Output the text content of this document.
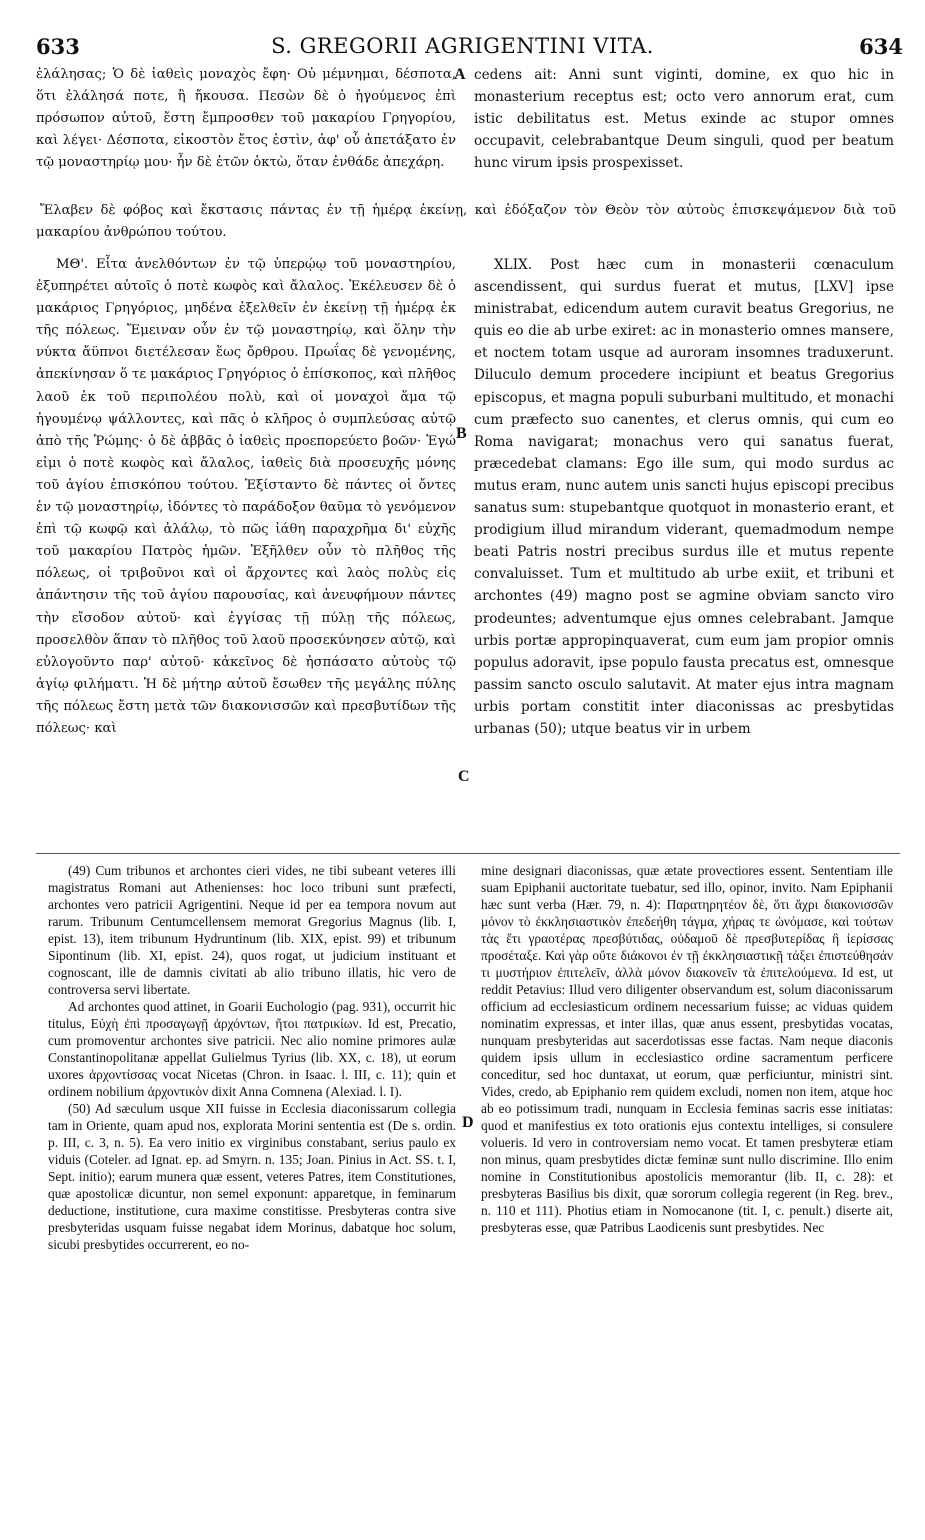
633	S. GREGORII AGRIGENTINI VITA.	634

ἐλάλησας; Ὁ δὲ ἰαθεὶς μοναχὸς ἔφη· Οὐ μέμνημαι, δέσποτα, ὅτι ἐλάλησά ποτε, ἢ ἤκουσα. Πεσὼν δὲ ὁ ἡγούμενος ἐπὶ πρόσωπον αὐτοῦ, ἔστη ἔμπροσθεν τοῦ μακαρίου Γρηγορίου, καὶ λέγει· Δέσποτα, εἰκοστὸν ἔτος ἐστὶν, ἀφ' οὗ ἀπετάξατο ἐν τῷ μοναστηρίῳ μου· ἦν δὲ ἐτῶν ὀκτὼ, ὅταν ἐνθάδε ἀπεχάρη.

cedens ait: Anni sunt viginti, domine, ex quo hic in monasterium receptus est; octo vero annorum erat, cum istic debilitatus est. Metus exinde ac stupor omnes occupavit, celebrabantque Deum singuli, quod per beatum hunc virum ipsis prospexisset.

Ἔλαβεν δὲ φόβος καὶ ἔκστασις πάντας ἐν τῇ ἡμέρᾳ ἐκείνῃ, καὶ ἐδόξαζον τὸν Θεὸν τὸν αὐτοὺς ἐπισκεψάμενον διὰ τοῦ μακαρίου ἀνθρώπου τούτου.

ΜΘ'. Εἶτα ἀνελθόντων ἐν τῷ ὑπερῴῳ τοῦ μοναστηρίου, ἐξυπηρέτει αὐτοῖς ὁ ποτὲ κωφὸς καὶ ἄλαλος. Ἐκέλευσεν δὲ ὁ μακάριος Γρηγόριος, μηδένα ἐξελθεῖν ἐν ἐκείνῃ τῇ ἡμέρᾳ ἐκ τῆς πόλεως. Ἔμειναν οὖν ἐν τῷ μοναστηρίῳ, καὶ ὅλην τὴν νύκτα ἄϋπνοι διετέλεσαν ἕως ὄρθρου. Πρωΐας δὲ γενομένης, ἀπεκίνησαν ὅ τε μακάριος Γρηγόριος ὁ ἐπίσκοπος, καὶ πλῆθος λαοῦ ἐκ τοῦ περιπολέου πολὺ, καὶ οἱ μοναχοὶ ἅμα τῷ ἡγουμένῳ ψάλλοντες, καὶ πᾶς ὁ κλῆρος ὁ συμπλεύσας αὐτῷ ἀπὸ τῆς Ῥώμης· ὁ δὲ ἀββᾶς ὁ ἰαθεὶς προεπορεύετο βοῶν· Ἐγώ εἰμι ὁ ποτὲ κωφὸς καὶ ἄλαλος, ἰαθεὶς διὰ προσευχῆς μόνης τοῦ ἁγίου ἐπισκόπου τούτου. Ἐξίσταντο δὲ πάντες οἱ ὄντες ἐν τῷ μοναστηρίῳ, ἰδόντες τὸ παράδοξον θαῦμα τὸ γενόμενον ἐπὶ τῷ κωφῷ καὶ ἀλάλῳ, τὸ πῶς ἰάθη παραχρῆμα δι' εὐχῆς τοῦ μακαρίου Πατρὸς ἡμῶν. Ἐξῆλθεν οὖν τὸ πλῆθος τῆς πόλεως, οἱ τριβοῦνοι καὶ οἱ ἄρχοντες καὶ λαὸς πολὺς εἰς ἀπάντησιν τῆς τοῦ ἁγίου παρουσίας, καὶ ἀνευφήμουν πάντες τὴν εἴσοδον αὐτοῦ· καὶ ἐγγίσας τῇ πύλῃ τῆς πόλεως, προσελθὸν ἅπαν τὸ πλῆθος τοῦ λαοῦ προσεκύνησεν αὐτῷ, καὶ εὐλογοῦντο παρ' αὐτοῦ· κἀκεῖνος δὲ ἠσπάσατο αὐτοὺς τῷ ἁγίῳ φιλήματι. Ἡ δὲ μήτηρ αὐτοῦ ἔσωθεν τῆς μεγάλης πύλης τῆς πόλεως ἔστη μετὰ τῶν διακονισσῶν καὶ πρεσβυτίδων τῆς πόλεως· καὶ

XLIX. Post hæc cum in monasterii cœnaculum ascendissent, qui surdus fuerat et mutus, [LXV] ipse ministrabat, edicendum autem curavit beatus Gregorius, ne quis eo die ab urbe exiret: ac in monasterio omnes mansere, et noctem totam usque ad auroram insomnes traduxerunt. Diluculo demum procedere incipiunt et beatus Gregorius episcopus, et magna populi suburbani multitudo, et monachi cum præfecto suo canentes, et clerus omnis, qui cum eo Roma navigarat; monachus vero qui sanatus fuerat, præcedebat clamans: Ego ille sum, qui modo surdus ac mutus eram, nunc autem unis sancti hujus episcopi precibus sanatus sum: stupebantque quotquot in monasterio erant, et prodigium illud mirandum viderant, quemadmodum nempe beati Patris nostri precibus surdus ille et mutus repente convaluisset. Tum et multitudo ab urbe exiit, et tribuni et archontes (49) magno post se agmine obviam sancto viro prodeuntes; adventumque ejus omnes celebrabant. Jamque urbis portæ appropinquaverat, cum eum jam propior omnis populus adoravit, ipse populo fausta precatus est, omnesque passim sancto osculo salutavit. At mater ejus intra magnam urbis portam constitit inter diaconissas ac presbytidas urbanas (50); utque beatus vir in urbem

A
B
C
D

(49) Cum tribunos et archontes cieri vides, ne tibi subeant veteres illi magistratus Romani aut Athenienses: hoc loco tribuni sunt præfecti, archontes vero patricii Agrigentini. Neque id per ea tempora novum aut rarum. Tribunum Centumcellensem memorat Gregorius Magnus (lib. I, epist. 13), item tribunum Hydruntinum (lib. XIX, epist. 99) et tribunum Sipontinum (lib. XI, epist. 24), quos rogat, ut judicium instituant et cognoscant, ille de damnis civitati ab alio tribuno illatis, hic vero de controversa servi libertate.

Ad archontes quod attinet, in Goarii Euchologio (pag. 931), occurrit hic titulus, Εὐχὴ ἐπὶ προσαγωγῇ ἀρχόντων, ἤτοι πατρικίων. Id est, Precatio, cum promoventur archontes sive patricii. Nec alio nomine primores aulæ Constantinopolitanæ appellat Gulielmus Tyrius (lib. XX, c. 18), ut eorum uxores ἀρχοντίσσας vocat Nicetas (Chron. in Isaac. l. III, c. 11); quin et ordinem nobilium ἀρχοντικὸν dixit Anna Comnena (Alexiad. l. I).

(50) Ad sæculum usque XII fuisse in Ecclesia diaconissarum collegia tam in Oriente, quam apud nos, explorata Morini sententia est (De s. ordin. p. III, c. 3, n. 5). Ea vero initio ex virginibus constabant, serius paulo ex viduis (Coteler. ad Ignat. ep. ad Smyrn. n. 135; Joan. Pinius in Act. SS. t. I, Sept. initio); earum munera quæ essent, veteres Patres, item Constitutiones, quæ apostolicæ dicuntur, non semel exponunt: apparetque, in feminarum deductione, institutione, cura maxime constitisse. Presbyteras contra sive presbyteridas usquam fuisse negabat idem Morinus, dabatque hoc solum, sicubi presbytides occurrerent, eo no-

mine designari diaconissas, quæ ætate provectiores essent. Sententiam ille suam Epiphanii auctoritate tuebatur, sed illo, opinor, invito. Nam Epiphanii hæc sunt verba (Hær. 79, n. 4): Παρατηρητέον δὲ, ὅτι ἄχρι διακονισσῶν μόνον τὸ ἐκκλησιαστικὸν ἐπεδεήθη τάγμα, χήρας τε ὠνόμασε, καὶ τούτων τὰς ἔτι γραοτέρας πρεσβύτιδας, οὐδαμοῦ δὲ πρεσβυτερίδας ἢ ἱερίσσας προσέταξε. Καὶ γὰρ οὔτε διάκονοι ἐν τῇ ἐκκλησιαστικῇ τάξει ἐπιστεύθησάν τι μυστήριον ἐπιτελεῖν, ἀλλὰ μόνον διακονεῖν τὰ ἐπιτελούμενα. Id est, ut reddit Petavius: Illud vero diligenter observandum est, solum diaconissarum officium ad ecclesiasticum ordinem necessarium fuisse; ac viduas quidem nominatim expressas, et inter illas, quæ anus essent, presbytidas vocatas, nunquam presbyteridas aut sacerdotissas esse factas. Nam neque diaconis quidem ipsis ullum in ecclesiastico ordine sacramentum perficere conceditur, sed hoc duntaxat, ut eorum, quæ perficiuntur, ministri sint. Vides, credo, ab Epiphanio rem quidem excludi, nomen non item, atque hoc ab eo potissimum tradi, nunquam in Ecclesia feminas sacris esse initiatas: quod et manifestius ex toto orationis ejus contextu intelliges, si consulere volueris. Id vero in controversiam nemo vocat. Et tamen presbyteræ etiam non minus, quam presbytides dictæ feminæ sunt nullo discrimine. Illo enim nomine in Constitutionibus apostolicis memorantur (lib. II, c. 28): et presbyteras Basilius bis dixit, quæ sororum collegia regerent (in Reg. brev., n. 110 et 111). Photius etiam in Nomocanone (tit. I, c. penult.) diserte ait, presbyteras esse, quæ Patribus Laodicenis sunt presbytides. Nec
